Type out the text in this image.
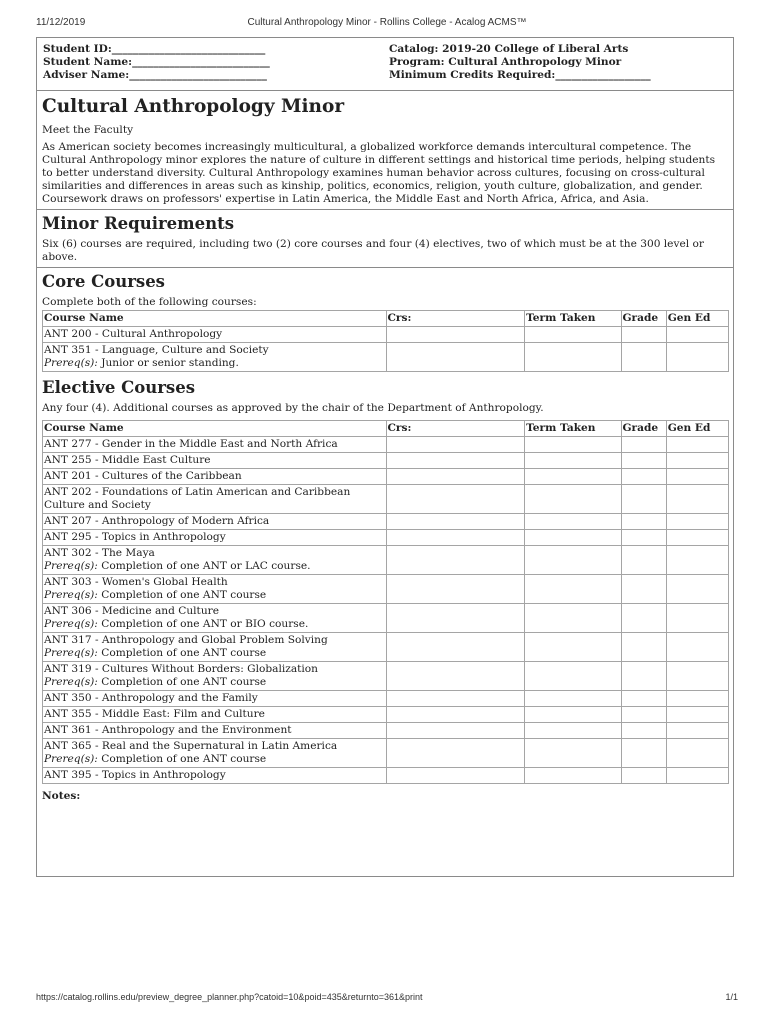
11/12/2019	Cultural Anthropology Minor - Rollins College - Acalog ACMS™
Student ID:_____________________________
Student Name:__________________________
Adviser Name:__________________________
Catalog: 2019-20 College of Liberal Arts
Program: Cultural Anthropology Minor
Minimum Credits Required:__________________
Cultural Anthropology Minor

Meet the Faculty

As American society becomes increasingly multicultural, a globalized workforce demands intercultural competence. The Cultural Anthropology minor explores the nature of culture in different settings and historical time periods, helping students to better understand diversity. Cultural Anthropology examines human behavior across cultures, focusing on cross-cultural similarities and differences in areas such as kinship, politics, economics, religion, youth culture, globalization, and gender. Coursework draws on professors' expertise in Latin America, the Middle East and North Africa, Africa, and Asia.

Minor Requirements

Six (6) courses are required, including two (2) core courses and four (4) electives, two of which must be at the 300 level or above.

Core Courses

Complete both of the following courses:

Course Name	Crs:	Term Taken	Grade	Gen Ed

ANT 200 - Cultural Anthropology				

ANT 351 - Language, Culture and Society
Prereq(s): Junior or senior standing.				

Elective Courses

Any four (4). Additional courses as approved by the chair of the Department of Anthropology.

Course Name	Crs:	Term Taken	Grade	Gen Ed

ANT 277 - Gender in the Middle East and North Africa				

ANT 255 - Middle East Culture				

ANT 201 - Cultures of the Caribbean				

ANT 202 - Foundations of Latin American and Caribbean Culture and Society				

ANT 207 - Anthropology of Modern Africa				

ANT 295 - Topics in Anthropology				

ANT 302 - The Maya
Prereq(s): Completion of one ANT or LAC course.				

ANT 303 - Women's Global Health
Prereq(s): Completion of one ANT course				

ANT 306 - Medicine and Culture
Prereq(s): Completion of one ANT or BIO course.				

ANT 317 - Anthropology and Global Problem Solving
Prereq(s): Completion of one ANT course				

ANT 319 - Cultures Without Borders: Globalization
Prereq(s): Completion of one ANT course				

ANT 350 - Anthropology and the Family				

ANT 355 - Middle East: Film and Culture				

ANT 361 - Anthropology and the Environment				

ANT 365 - Real and the Supernatural in Latin America
Prereq(s): Completion of one ANT course				

ANT 395 - Topics in Anthropology				

Notes:
https://catalog.rollins.edu/preview_degree_planner.php?catoid=10&poid=435&returnto=361&print	1/1
